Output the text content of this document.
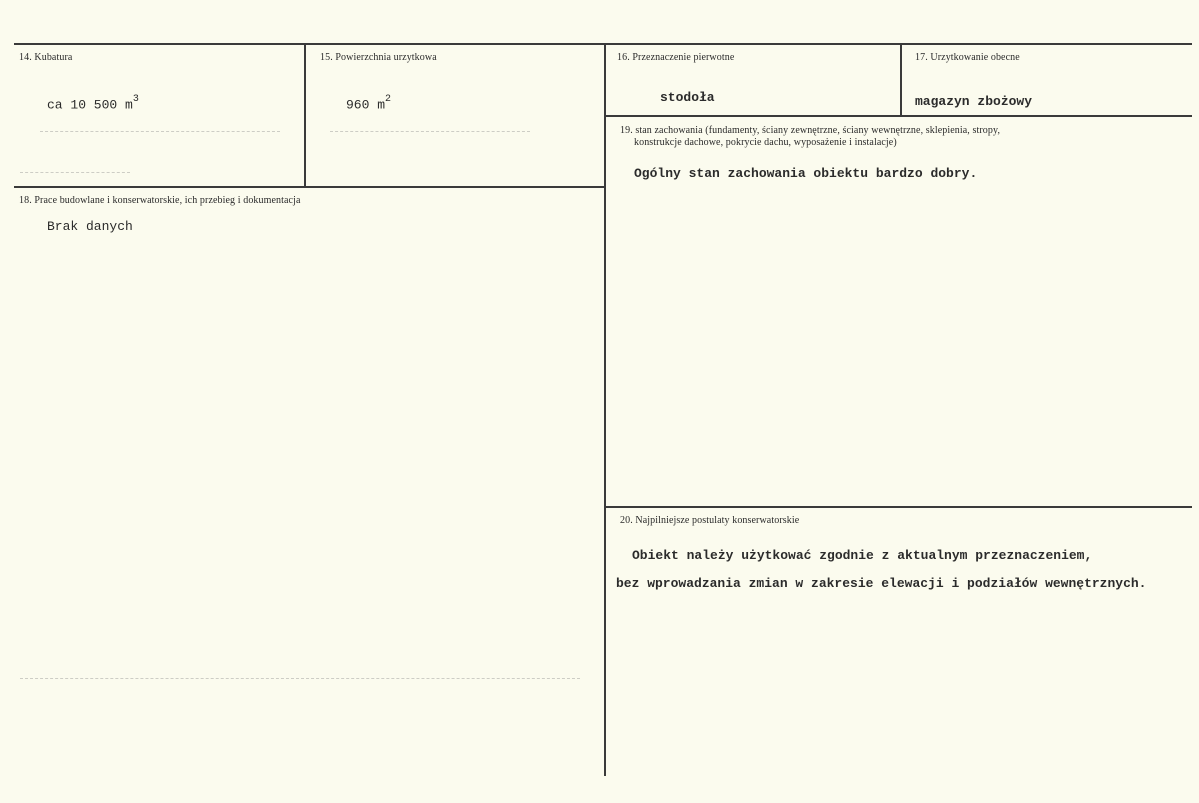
14. Kubatura
ca 10 500 $m^3$
15. Powierzchnia urzytkowa
960 $m^2$
16. Przeznaczenie pierwotne
stodoła
17. Urzytkowanie obecne
magazyn zbożowy
18. Prace budowlane i konserwatorskie, ich przebieg i dokumentacja
Brak danych
19. stan zachowania (fundamenty, ściany zewnętrzne, ściany wewnętrzne, sklepienia, stropy,
konstrukcje dachowe, pokrycie dachu, wyposażenie i instalacje)
Ogólny stan zachowania obiektu bardzo dobry.
20. Najpilniejsze postulaty konserwatorskie
Obiekt należy użytkować zgodnie z aktualnym przeznaczeniem,
bez wprowadzania zmian w zakresie elewacji i podziałów wewnętrznych.
